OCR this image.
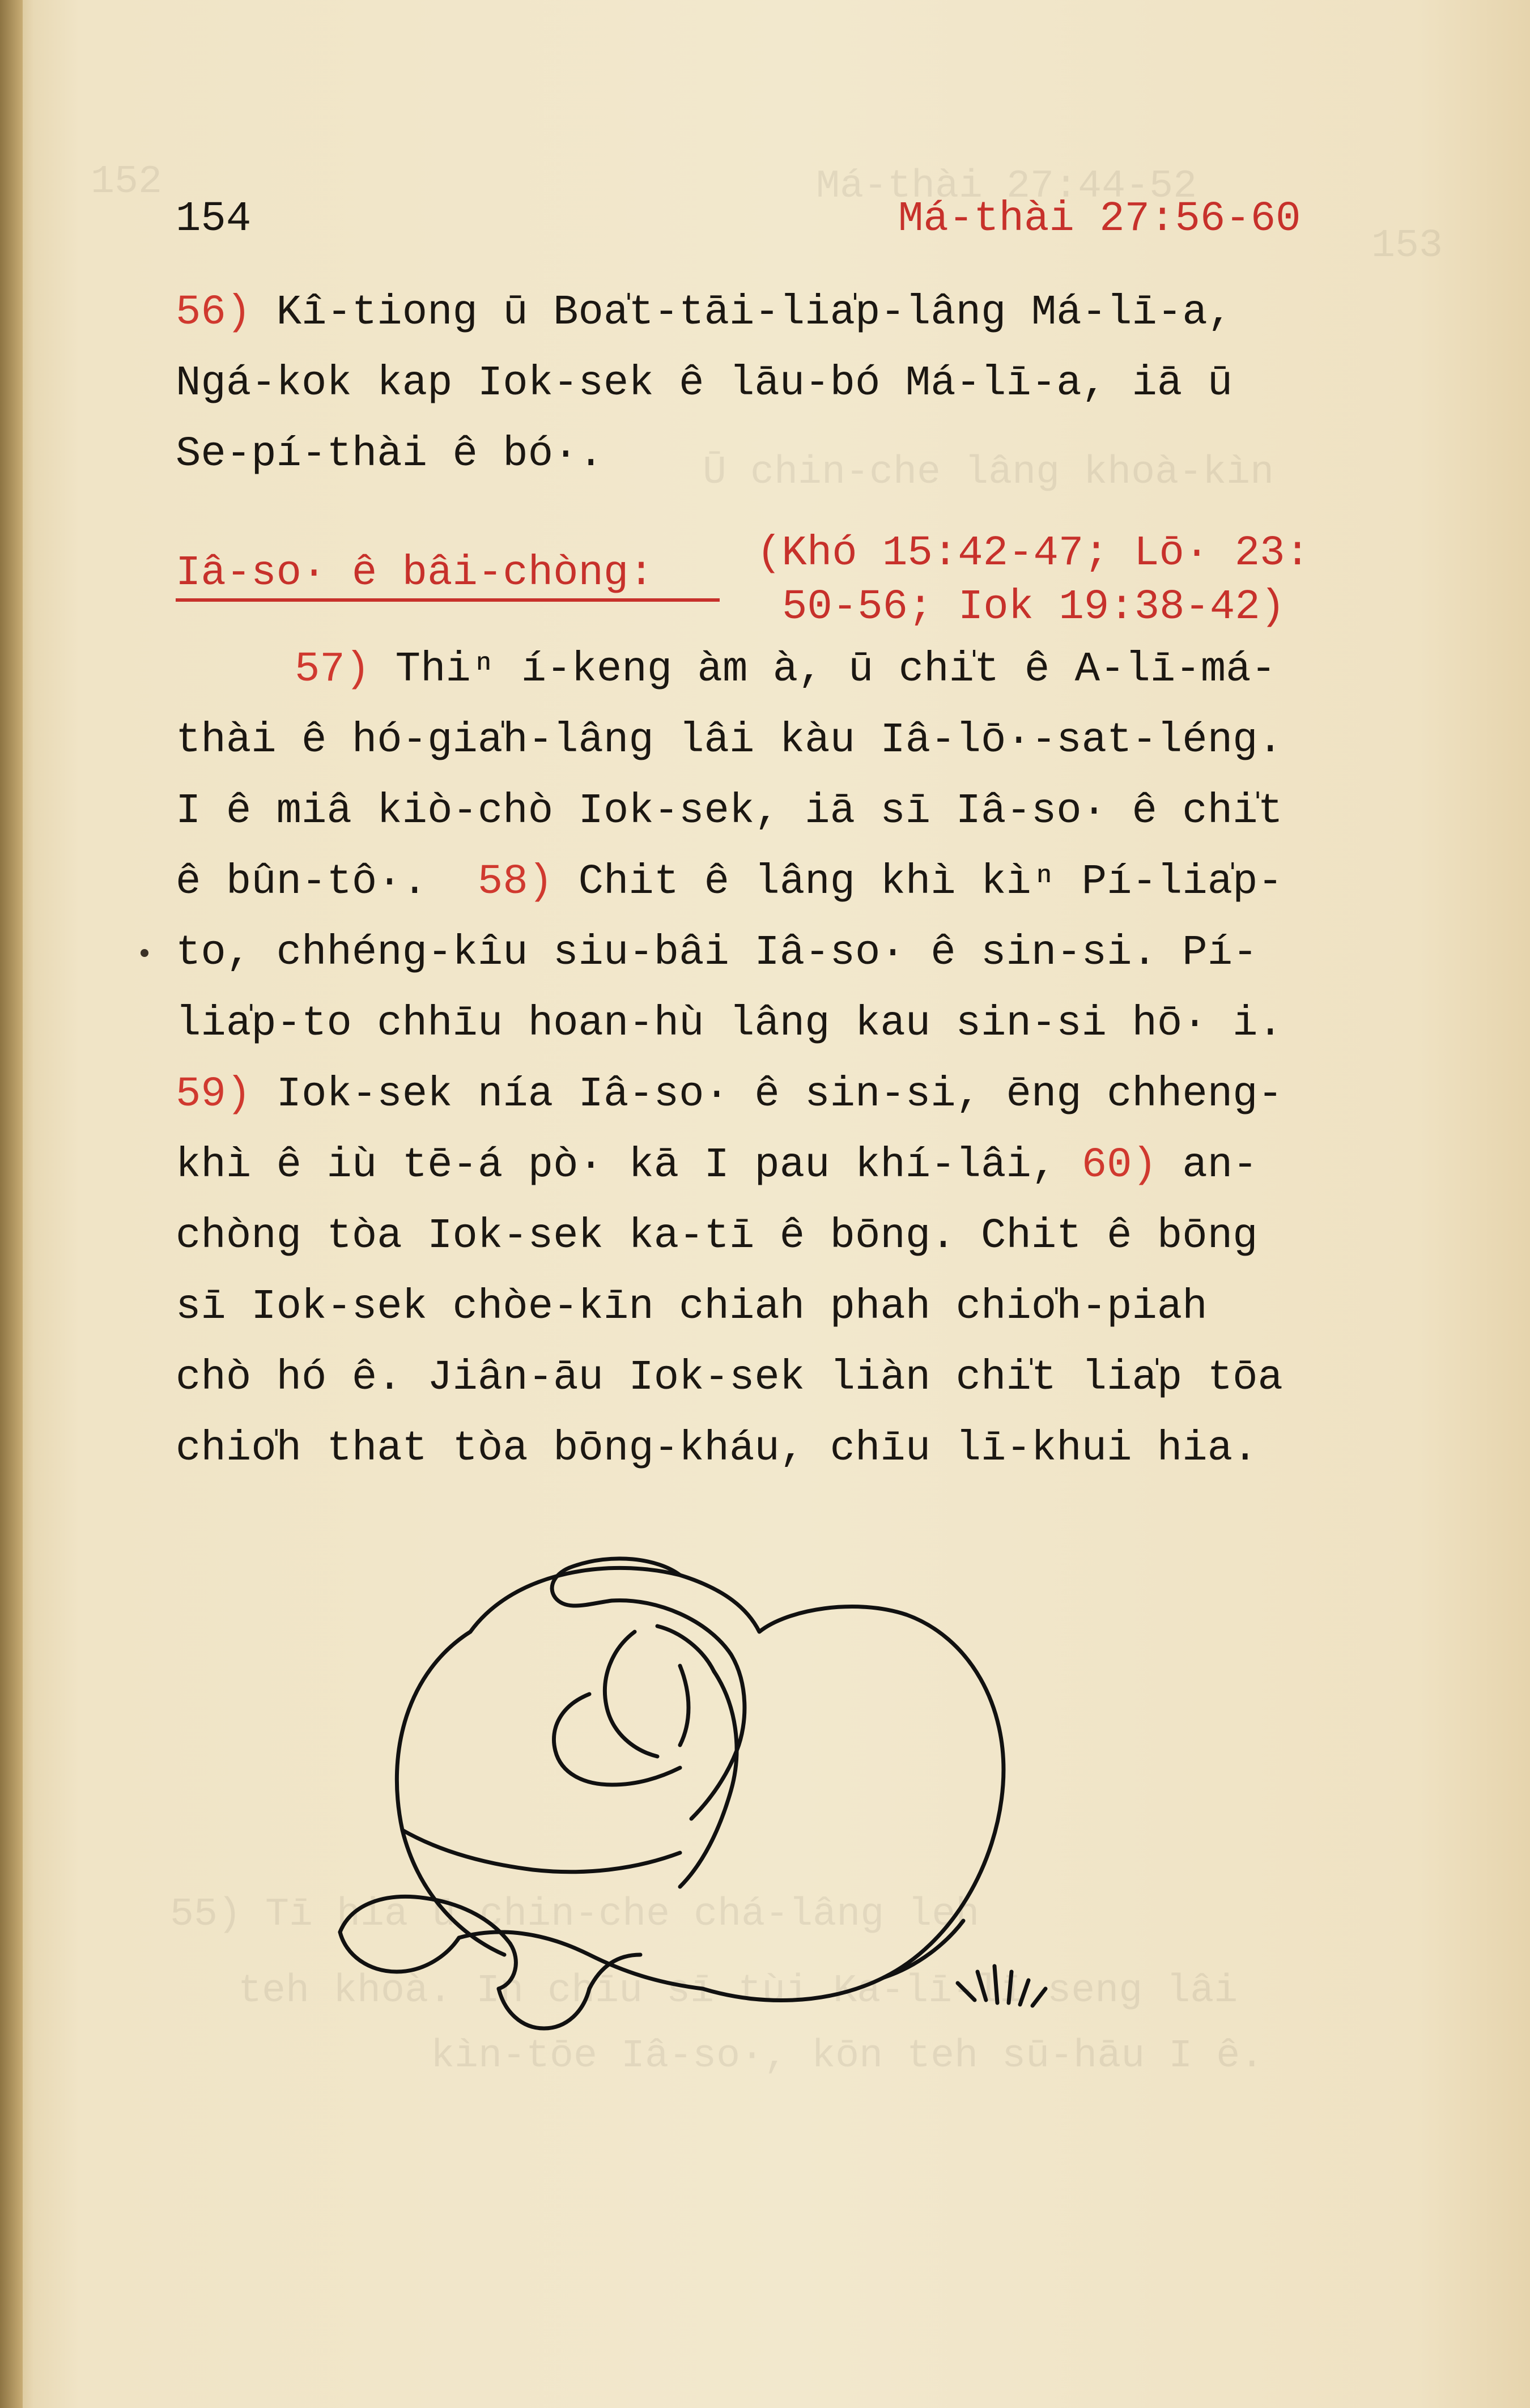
152	Má-thài 27:44-52
153
Ū chin-che lâng khoà-kìn
55) Tī hia ū chin-che chá-lâng leh
teh khoà. In chīu sī tùi Ka-lī-lī seng lâi
kìn-tōe Iâ-so·, kōn teh sū-hāu I ê.
154	Má-thài 27:56-60
56) Kî-tiong ū Boa̍t-tāi-lia̍p-lâng Má-lī-a,
Ngá-kok kap Iok-sek ê lāu-bó Má-lī-a, iā ū
Se-pí-thài ê bó·.
Iâ-so· ê bâi-chòng: (Khó 15:42-47; Lō· 23:
50-56; Iok 19:38-42)
57) Thiⁿ í-keng àm à, ū chi̍t ê A-lī-má-
thài ê hó-gia̍h-lâng lâi kàu Iâ-lō·-sat-léng.
I ê miâ kiò-chò Iok-sek, iā sī Iâ-so· ê chi̍t
ê bûn-tô·. 58) Chit ê lâng khì kìⁿ Pí-lia̍p-
to, chhéng-kîu siu-bâi Iâ-so· ê sin-si. Pí-
lia̍p-to chhīu hoan-hù lâng kau sin-si hō· i.
59) Iok-sek nía Iâ-so· ê sin-si, ēng chheng-
khì ê iù tē-á pò· kā I pau khí-lâi, 60) an-
chòng tòa Iok-sek ka-tī ê bōng. Chit ê bōng
sī Iok-sek chòe-kīn chiah phah chio̍h-piah
chò hó ê. Jiân-āu Iok-sek liàn chi̍t lia̍p tōa
chio̍h that tòa bōng-kháu, chīu lī-khui hia.
